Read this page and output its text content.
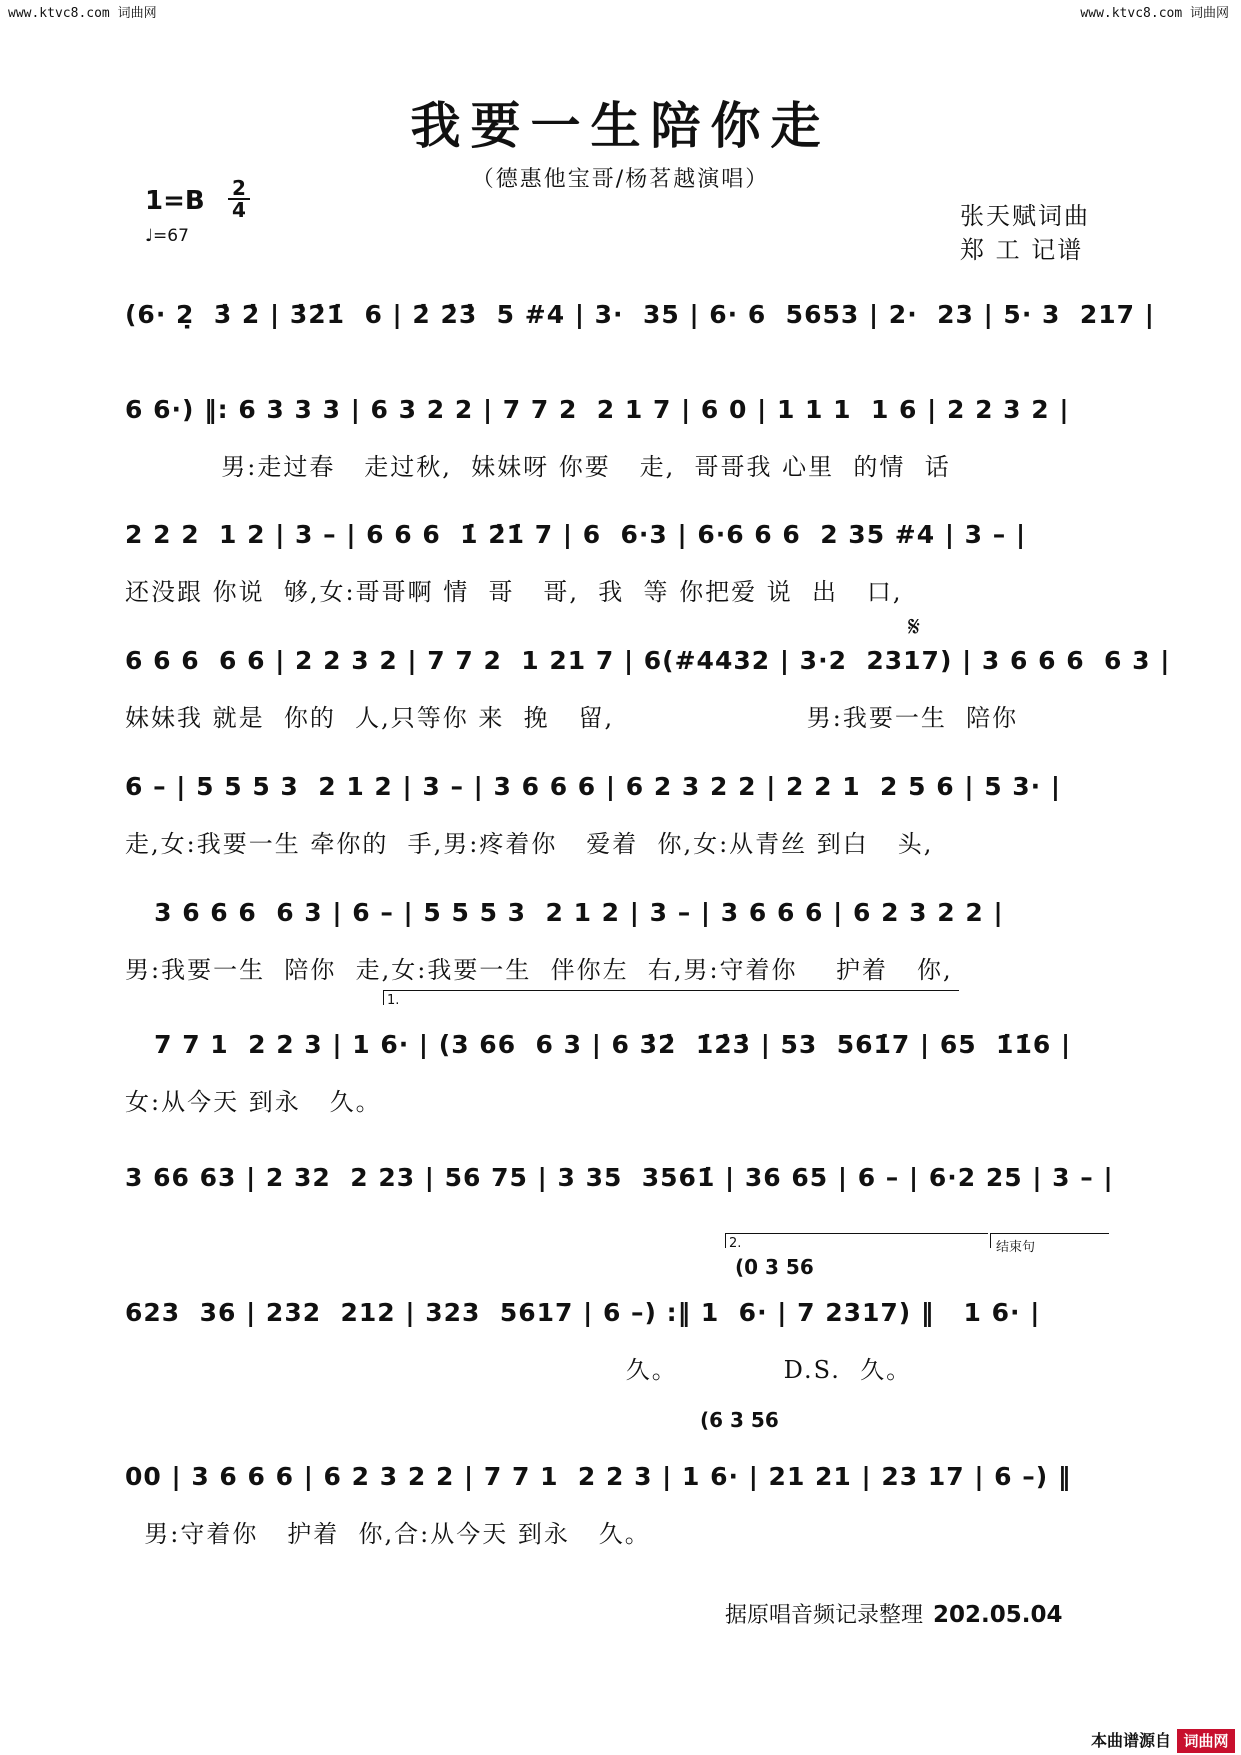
www.ktvc8.com 词曲网	www.ktvc8.com 词曲网
我要一生陪你走
（德惠他宝哥/杨茗越演唱）
1=B 2
4
♩=67
张天赋词曲
郑 工 记谱
(6· 2̣  3̇ 2̇ | 3̇2̇1̇  6 | 2̇ 2̇3̇  5 #4 | 3·  35 | 6· 6  5653 | 2·  23 | 5· 3  217 |
6 6·) ‖: 6 3 3 3 | 6 3 2 2 | 7 7 2  2 1 7 | 6 0 | 1 1 1  1 6 | 2 2 3 2 |
男:走过春   走过秋,  妹妹呀 你要   走,  哥哥我 心里  的情  话
2 2 2  1 2 | 3 – | 6 6 6  1̇ 2̇1̇ 7 | 6  6·3 | 6·6 6 6  2 35 #4 | 3 – |
还没跟 你说  够,女:哥哥啊 情  哥   哥,  我  等 你把爱 说  出   口,
𝄋
6 6 6  6 6 | 2 2 3 2 | 7 7 2  1 21 7 | 6(#4432 | 3·2  2317) | 3 6 6 6  6 3 |
妹妹我 就是  你的  人,只等你 来  挽   留,                    男:我要一生  陪你
6 – | 5 5 5 3  2 1 2 | 3 – | 3 6 6 6 | 6 2 3 2 2 | 2 2 1  2 5 6 | 5 3· |
走,女:我要一生 牵你的  手,男:疼着你   爱着  你,女:从青丝 到白   头,
3 6 6 6  6 3 | 6 – | 5 5 5 3  2 1 2 | 3 – | 3 6 6 6 | 6 2 3 2 2 |
男:我要一生  陪你  走,女:我要一生  伴你左  右,男:守着你    护着   你,
1.
7 7 1  2 2 3 | 1 6· | (3 66  6 3 | 6 3̇2̇  1̇2̇3̇ | 53  561̇7 | 65  1̇1̇6 |
女:从今天 到永   久。
3 66 63 | 2 32  2 23 | 56 75 | 3 35  3561̇ | 36 65 | 6 – | 6·2 25 | 3 – |
2.	结束句
(0 3 56
623  36 | 232  212 | 323  5617 | 6 –) :‖ 1  6· | 7 2317) ‖   1 6· |
久。           D.S.  久。
(6 3 56
00 | 3 6 6 6 | 6 2 3 2 2 | 7 7 1  2 2 3 | 1 6· | 21 21 | 23 17 | 6 –) ‖
男:守着你   护着  你,合:从今天 到永   久。
据原唱音频记录整理 202.05.04
本曲谱源自 词曲网
